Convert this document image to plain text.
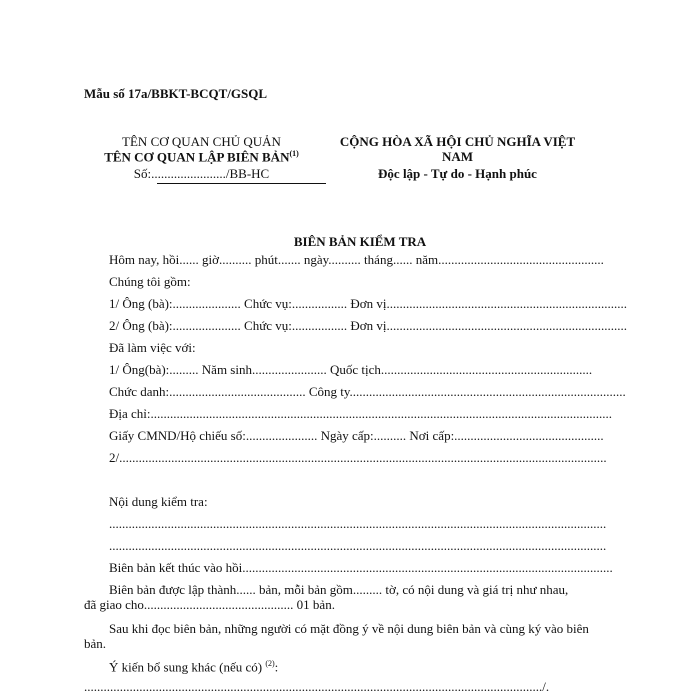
Mẫu số 17a/BBKT-BCQT/GSQL
TÊN CƠ QUAN CHỦ QUẢN
TÊN CƠ QUAN LẬP BIÊN BẢN$^{(1)}$
Số:......................./BB-HC
CỘNG HÒA XÃ HỘI CHỦ NGHĨA VIỆT
NAM
Độc lập - Tự do - Hạnh phúc
BIÊN BẢN KIỂM TRA
Hôm nay, hồi...... giờ.......... phút....... ngày.......... tháng...... năm...................................................
Chúng tôi gồm:
1/ Ông (bà):..................... Chức vụ:................. Đơn vị..........................................................................
2/ Ông (bà):..................... Chức vụ:................. Đơn vị..........................................................................
Đã làm việc với:
1/ Ông(bà):......... Năm sinh....................... Quốc tịch.................................................................
Chức danh:.......................................... Công ty.....................................................................................
Địa chỉ:..............................................................................................................................................
Giấy CMND/Hộ chiếu số:...................... Ngày cấp:.......... Nơi cấp:..............................................
2/......................................................................................................................................................
Nội dung kiểm tra:
.........................................................................................................................................................
.........................................................................................................................................................
Biên bản kết thúc vào hồi..................................................................................................................
Biên bản được lập thành...... bản, mỗi bản gồm......... tờ, có nội dung và giá trị như nhau,
đã giao cho.............................................. 01 bản.
Sau khi đọc biên bản, những người có mặt đồng ý về nội dung biên bản và cùng ký vào biên
bản.
Ý kiến bổ sung khác (nếu có) $^{(2)}$:
............................................................................................................................................./.
